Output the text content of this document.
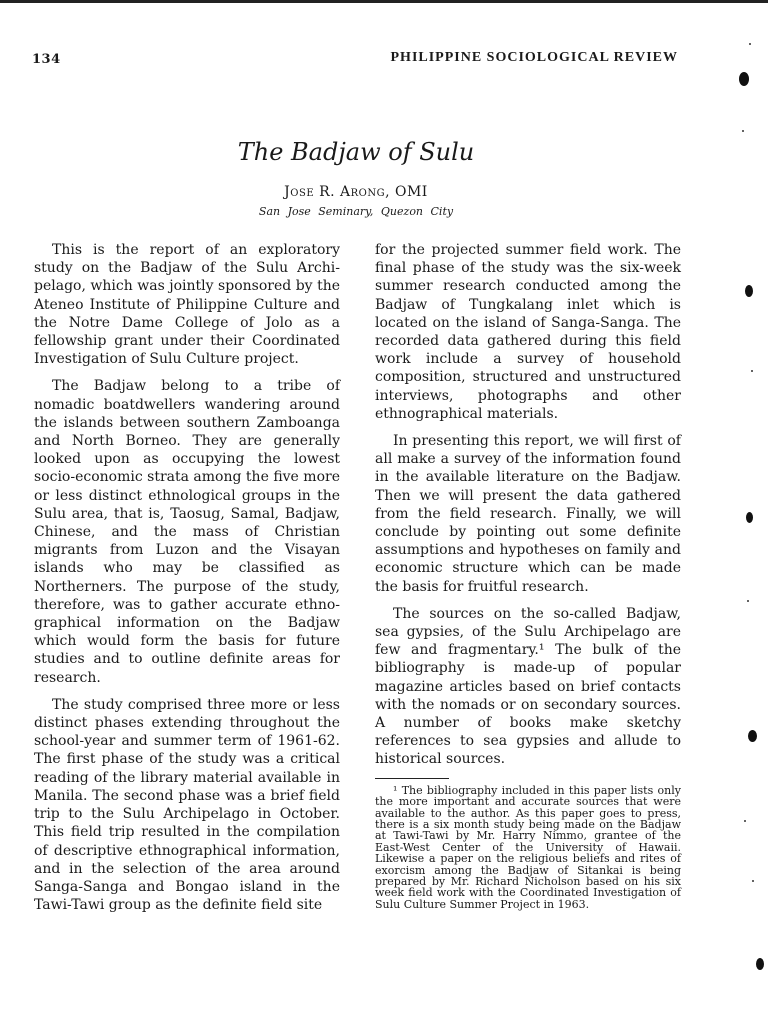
134	PHILIPPINE SOCIOLOGICAL REVIEW
The Badjaw of Sulu
Jose R. Arong, OMI
San Jose Seminary, Quezon City

This is the report of an exploratory study on the Badjaw of the Sulu Archipelago, which was jointly sponsored by the Ateneo Institute of Philippine Culture and the Notre Dame College of Jolo as a fellowship grant under their Coordinated Investigation of Sulu Culture project.

The Badjaw belong to a tribe of nomadic boatdwellers wandering around the islands between southern Zamboanga and North Borneo. They are generally looked upon as occupying the lowest socio-economic strata among the five more or less distinct ethnological groups in the Sulu area, that is, Taosug, Samal, Badjaw, Chinese, and the mass of Christian migrants from Luzon and the Visayan islands who may be classified as Northerners. The purpose of the study, therefore, was to gather accurate ethnographical information on the Badjaw which would form the basis for future studies and to outline definite areas for research.

The study comprised three more or less distinct phases extending throughout the school-year and summer term of 1961-62. The first phase of the study was a critical reading of the library material available in Manila. The second phase was a brief field trip to the Sulu Archipelago in October. This field trip resulted in the compilation of descriptive ethnographical information, and in the selection of the area around Sanga-Sanga and Bongao island in the Tawi-Tawi group as the definite field site

for the projected summer field work. The final phase of the study was the six-week summer research conducted among the Badjaw of Tungkalang inlet which is located on the island of Sanga-Sanga. The recorded data gathered during this field work include a survey of household composition, structured and unstructured interviews, photographs and other ethnographical materials.

In presenting this report, we will first of all make a survey of the information found in the available literature on the Badjaw. Then we will present the data gathered from the field research. Finally, we will conclude by pointing out some definite assumptions and hypotheses on family and economic structure which can be made the basis for fruitful research.

The sources on the so-called Badjaw, sea gypsies, of the Sulu Archipelago are few and fragmentary.¹ The bulk of the bibliography is made-up of popular magazine articles based on brief contacts with the nomads or on secondary sources. A number of books make sketchy references to sea gypsies and allude to historical sources.

¹ The bibliography included in this paper lists only the more important and accurate sources that were available to the author. As this paper goes to press, there is a six month study being made on the Badjaw at Tawi-Tawi by Mr. Harry Nimmo, grantee of the East-West Center of the University of Hawaii. Likewise a paper on the religious beliefs and rites of exorcism among the Badjaw of Sitankai is being prepared by Mr. Richard Nicholson based on his six week field work with the Coordinated Investigation of Sulu Culture Summer Project in 1963.
